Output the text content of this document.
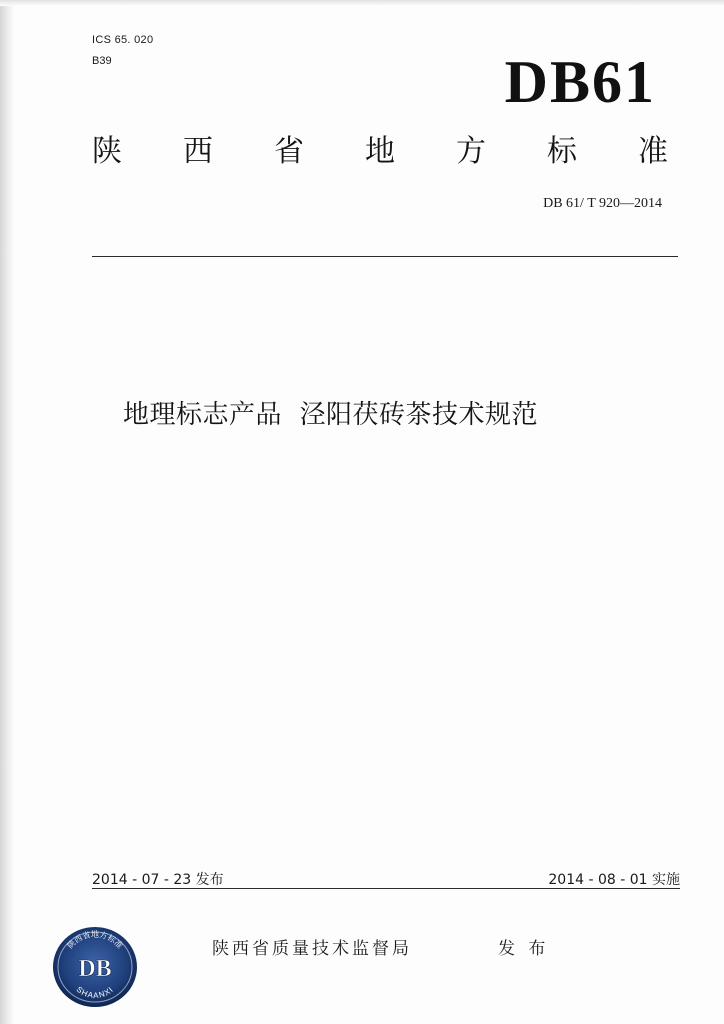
ICS 65. 020
B39	DB61
陕 西 省 地 方 标 准
DB 61/ T 920—2014
地理标志产品  泾阳茯砖茶技术规范
2014 - 07 - 23 发布	2014 - 08 - 01 实施
陕西省地方标准
DB
SHAANXI
陕西省质量技术监督局	发 布
